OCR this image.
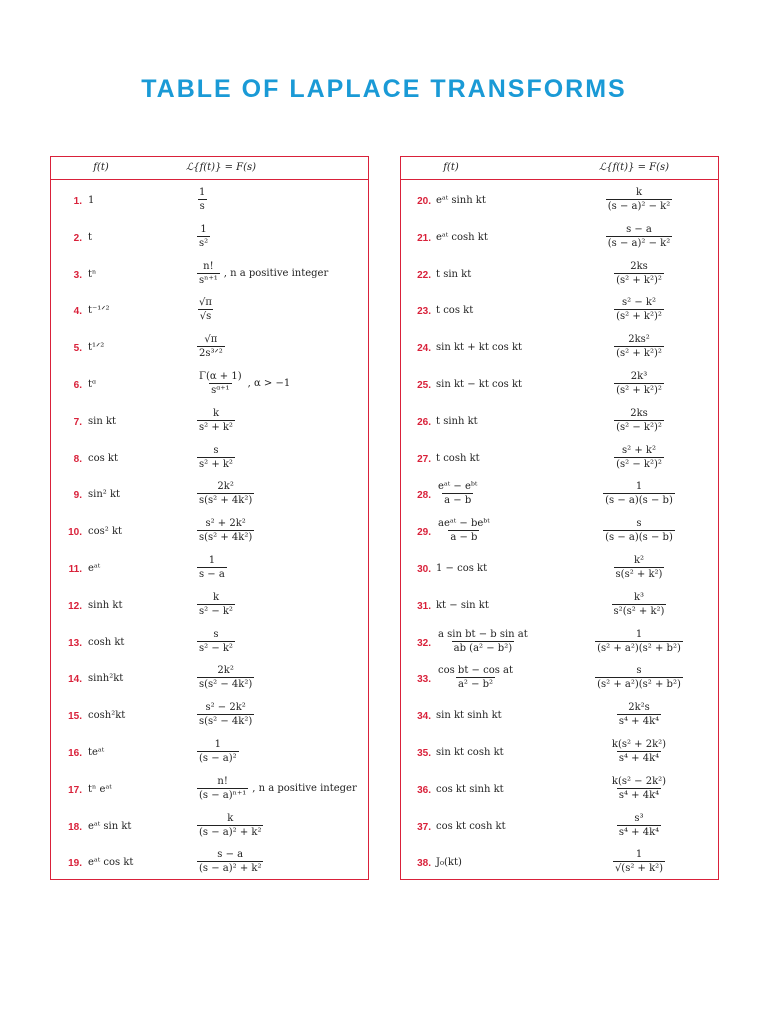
TABLE OF LAPLACE TRANSFORMS
f(t)	ℒ{f(t)} = F(s)
1. 1	$\frac{1}{s}$
2. t	$\frac{1}{\text{s²}}$
3. tⁿ	$\frac{n!}{\text{sⁿ⁺¹}}$ , n a positive integer
4. t⁻¹ᐟ²	$\frac{√\pi}{√s}$
5. t¹ᐟ²	$\frac{√\pi}{\text{2s³ᐟ²}}$
6. tᵅ	$\frac{\Gamma(\alpha + 1)}{\text{sᵅ⁺¹}}$ , α > −1
7. sin kt	$\frac{k}{\text{s² + k²}}$
8. cos kt	$\frac{s}{\text{s² + k²}}$
9. sin² kt	$\frac{\text{2k²}}{\text{s(s² + 4k²)}}$
10. cos² kt	$\frac{\text{s² + 2k²}}{\text{s(s² + 4k²)}}$
11. eᵃᵗ	$\frac{1}{s - a}$
12. sinh kt	$\frac{k}{\text{s² − k²}}$
13. cosh kt	$\frac{s}{\text{s² − k²}}$
14. sinh²kt	$\frac{\text{2k²}}{\text{s(s² − 4k²)}}$
15. cosh²kt	$\frac{\text{s² − 2k²}}{\text{s(s² − 4k²)}}$
16. teᵃᵗ	$\frac{1}{\text{(s − a)²}}$
17. tⁿ eᵃᵗ	$\frac{n!}{\text{(s − a)ⁿ⁺¹}}$ , n a positive integer
18. eᵃᵗ sin kt	$\frac{k}{\text{(s − a)² + k²}}$
19. eᵃᵗ cos kt	$\frac{s - a}{\text{(s − a)² + k²}}$
f(t)	ℒ{f(t)} = F(s)
20. eᵃᵗ sinh kt	$\frac{k}{\text{(s − a)² − k²}}$
21. eᵃᵗ cosh kt	$\frac{s - a}{\text{(s − a)² − k²}}$
22. t sin kt	$\frac{2ks}{\text{(s² + k²)²}}$
23. t cos kt	$\frac{\text{s² − k²}}{\text{(s² + k²)²}}$
24. sin kt + kt cos kt	$\frac{\text{2ks²}}{\text{(s² + k²)²}}$
25. sin kt − kt cos kt	$\frac{\text{2k³}}{\text{(s² + k²)²}}$
26. t sinh kt	$\frac{2ks}{\text{(s² − k²)²}}$
27. t cosh kt	$\frac{\text{s² + k²}}{\text{(s² − k²)²}}$
28. $\frac{\text{eᵃᵗ − eᵇᵗ}}{a - b}$	$\frac{1}{(s - a)(s - b)}$
29. $\frac{\text{aeᵃᵗ − beᵇᵗ}}{a - b}$	$\frac{s}{(s - a)(s - b)}$
30. 1 − cos kt	$\frac{\text{k²}}{\text{s(s² + k²)}}$
31. kt − sin kt	$\frac{\text{k³}}{\text{s²(s² + k²)}}$
32. $\frac{\text{a sin bt − b sin at}}{\text{ab (a² − b²)}}$	$\frac{1}{\text{(s² + a²)(s² + b²)}}$
33. $\frac{\text{cos bt − cos at}}{\text{a² − b²}}$	$\frac{s}{\text{(s² + a²)(s² + b²)}}$
34. sin kt sinh kt	$\frac{\text{2k²s}}{\text{s⁴ + 4k⁴}}$
35. sin kt cosh kt	$\frac{\text{k(s² + 2k²)}}{\text{s⁴ + 4k⁴}}$
36. cos kt sinh kt	$\frac{\text{k(s² − 2k²)}}{\text{s⁴ + 4k⁴}}$
37. cos kt cosh kt	$\frac{\text{s³}}{\text{s⁴ + 4k⁴}}$
38. J₀(kt)	$\frac{1}{\text{√(s² + k²)}}$
